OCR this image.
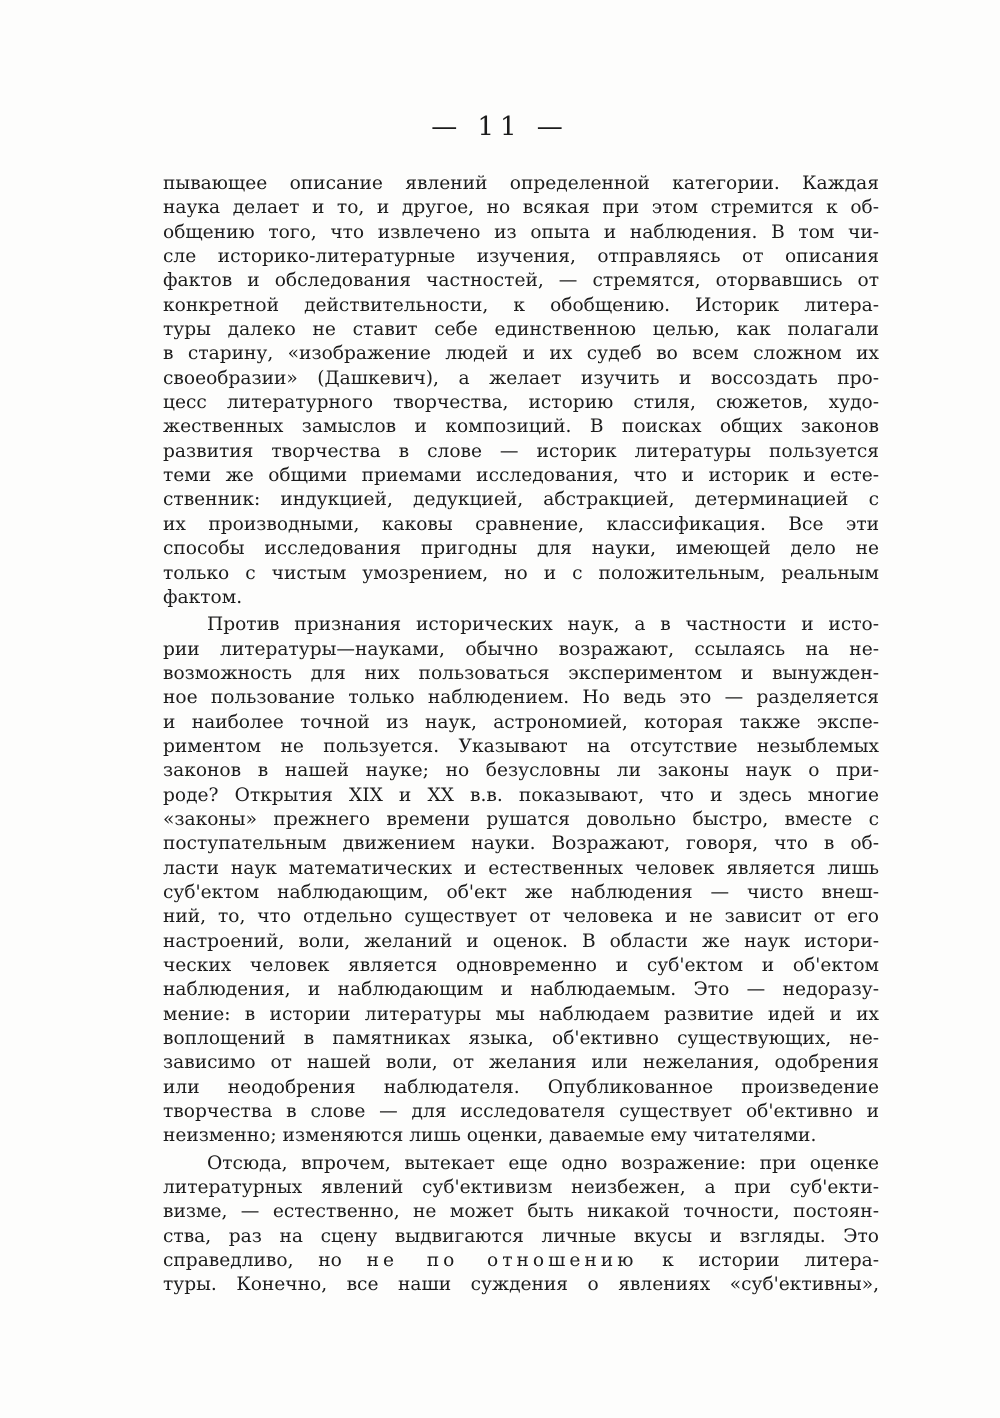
— 11 —
пывающее описание явлений определенной категории. Каждая
наука делает и то, и другое, но всякая при этом стремится к об-
общению того, что извлечено из опыта и наблюдения. В том чи-
сле историко-литературные изучения, отправляясь от описания
фактов и обследования частностей, — стремятся, оторвавшись от
конкретной действительности, к обобщению. Историк литера-
туры далеко не ставит себе единственною целью, как полагали
в старину, «изображение людей и их судеб во всем сложном их
своеобразии» (Дашкевич), а желает изучить и воссоздать про-
цесс литературного творчества, историю стиля, сюжетов, худо-
жественных замыслов и композиций. В поисках общих законов
развития творчества в слове — историк литературы пользуется
теми же общими приемами исследования, что и историк и есте-
ственник: индукцией, дедукцией, абстракцией, детерминацией с
их производными, каковы сравнение, классификация. Все эти
способы исследования пригодны для науки, имеющей дело не
только с чистым умозрением, но и с положительным, реальным
фактом.
Против признания исторических наук, а в частности и исто-
рии литературы—науками, обычно возражают, ссылаясь на не-
возможность для них пользоваться экспериментом и вынужден-
ное пользование только наблюдением. Но ведь это — разделяется
и наиболее точной из наук, астрономией, которая также экспе-
риментом не пользуется. Указывают на отсутствие незыблемых
законов в нашей науке; но безусловны ли законы наук о при-
роде? Открытия XIX и XX в.в. показывают, что и здесь многие
«законы» прежнего времени рушатся довольно быстро, вместе с
поступательным движением науки. Возражают, говоря, что в об-
ласти наук математических и естественных человек является лишь
суб'ектом наблюдающим, об'ект же наблюдения — чисто внеш-
ний, то, что отдельно существует от человека и не зависит от его
настроений, воли, желаний и оценок. В области же наук истори-
ческих человек является одновременно и суб'ектом и об'ектом
наблюдения, и наблюдающим и наблюдаемым. Это — недоразу-
мение: в истории литературы мы наблюдаем развитие идей и их
воплощений в памятниках языка, об'ективно существующих, не-
зависимо от нашей воли, от желания или нежелания, одобрения
или неодобрения наблюдателя. Опубликованное произведение
творчества в слове — для исследователя существует об'ективно и
неизменно; изменяются лишь оценки, даваемые ему читателями.
Отсюда, впрочем, вытекает еще одно возражение: при оценке
литературных явлений суб'ективизм неизбежен, а при суб'екти-
визме, — естественно, не может быть никакой точности, постоян-
ства, раз на сцену выдвигаются личные вкусы и взгляды. Это
справедливо, но не по отношению к истории литера-
туры. Конечно, все наши суждения о явлениях «суб'ективны»,
